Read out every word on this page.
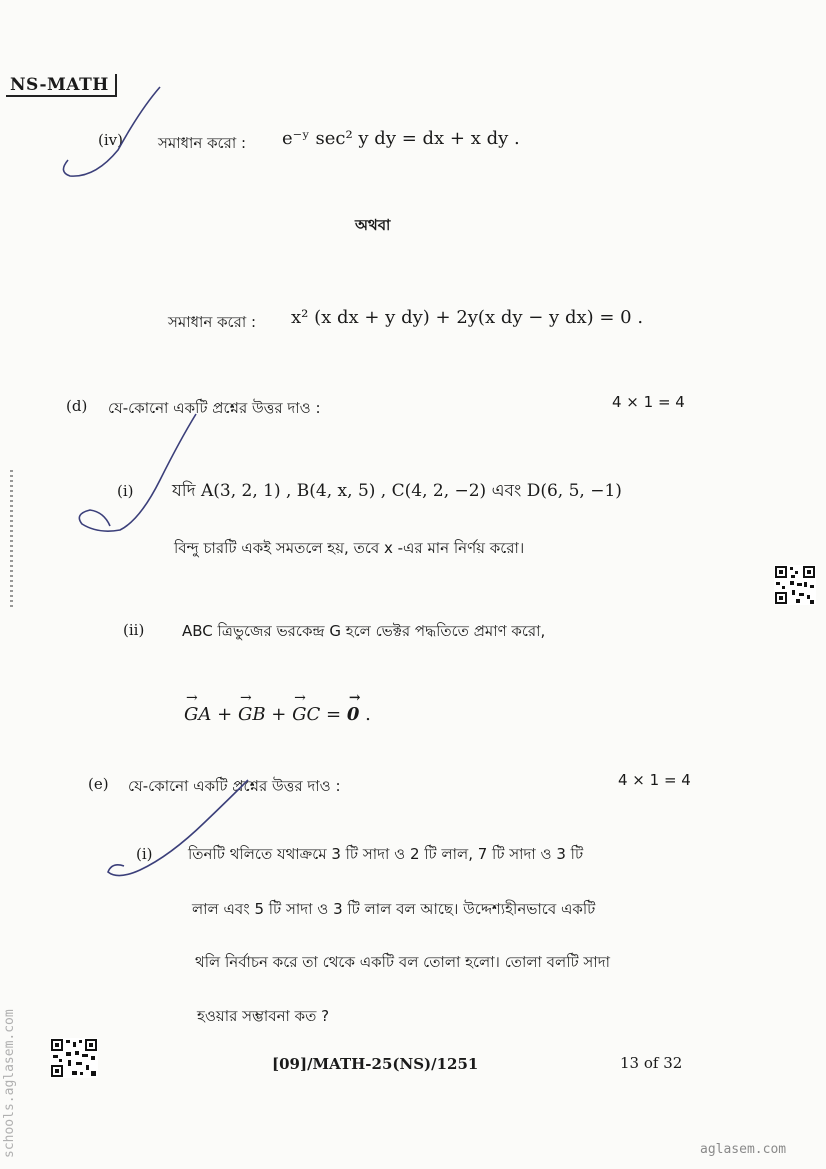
NS-MATH
(iv) সমাধান করো : e⁻ʸ sec² y dy = dx + x dy .
অথবা
সমাধান করো : x² (x dx + y dy) + 2y(x dy − y dx) = 0 .
(d) যে-কোনো একটি প্রশ্নের উত্তর দাও :	4 × 1 = 4
(i) যদি A(3, 2, 1) , B(4, x, 5) , C(4, 2, −2) এবং D(6, 5, −1)
বিন্দু চারটি একই সমতলে হয়, তবে x -এর মান নির্ণয় করো।
(ii)	ABC ত্রিভুজের ভরকেন্দ্র G হলে ভেক্টর পদ্ধতিতে প্রমাণ করো,
→ GA + → GB + → GC = → 0 .
(e) যে-কোনো একটি প্রশ্নের উত্তর দাও :	4 × 1 = 4
(i) তিনটি থলিতে যথাক্রমে 3 টি সাদা ও 2 টি লাল, 7 টি সাদা ও 3 টি
লাল এবং 5 টি সাদা ও 3 টি লাল বল আছে। উদ্দেশ্যহীনভাবে একটি
থলি নির্বাচন করে তা থেকে একটি বল তোলা হলো। তোলা বলটি সাদা
হওয়ার সম্ভাবনা কত ?
[09]/MATH-25(NS)/1251	13 of 32
schools.aglasem.com	aglasem.com
